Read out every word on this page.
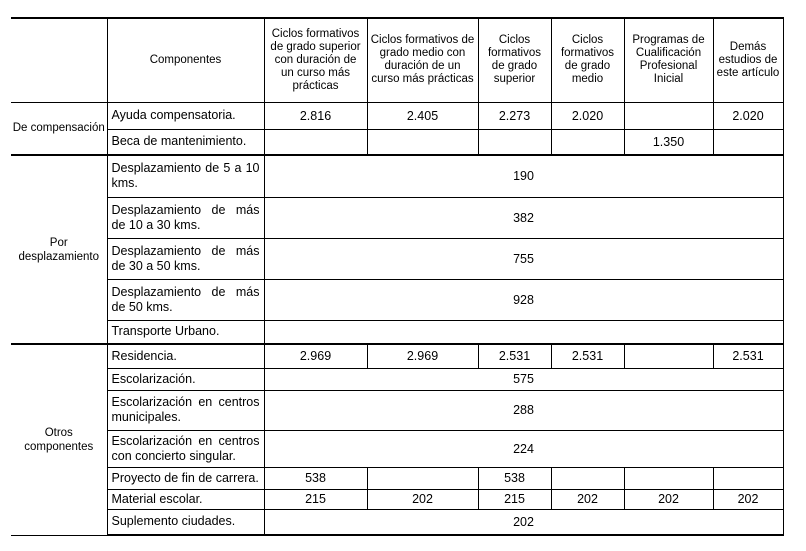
	Componentes	Ciclos formativos de grado superior con duración de un curso más prácticas	Ciclos formativos de grado medio con duración de un curso más prácticas	Ciclos formativos de grado superior	Ciclos formativos de grado medio	Programas de Cualificación Profesional Inicial	Demás estudios de este artículo
De compensación	Ayuda compensatoria.	2.816	2.405	2.273	2.020		2.020
	Beca de mantenimiento.					1.350	
Por desplazamiento	Desplazamiento de 5 a 10 kms.	190					
	Desplazamiento de más de 10 a 30 kms.	382					
	Desplazamiento de más de 30 a 50 kms.	755					
	Desplazamiento de más de 50 kms.	928					
	Transporte Urbano.						
Otros componentes	Residencia.	2.969	2.969	2.531	2.531		2.531
	Escolarización.	575					
	Escolarización en centros municipales.	288					
	Escolarización en centros con concierto singular.	224					
	Proyecto de fin de carrera.	538		538			
	Material escolar.	215	202	215	202	202	202
	Suplemento ciudades.	202					
